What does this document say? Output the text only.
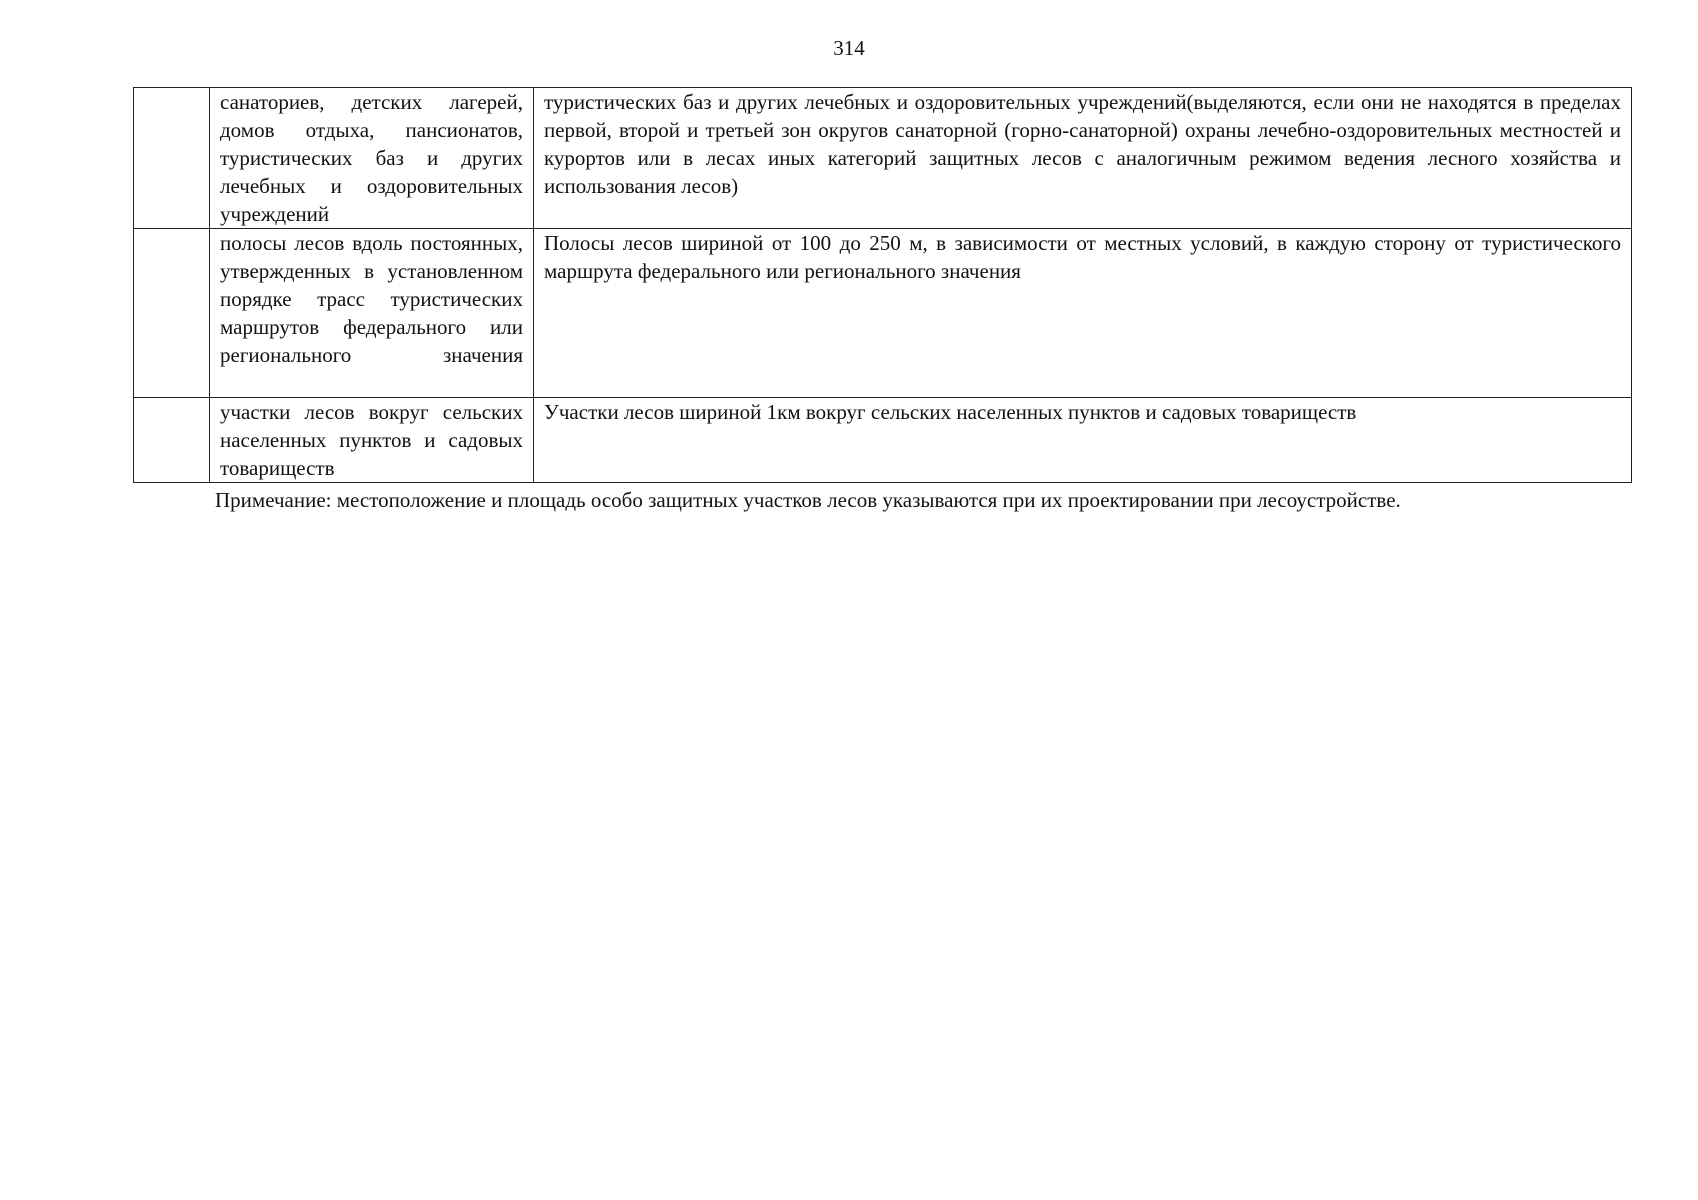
314
	санаториев, детских лагерей, домов отдыха, пансионатов, туристических баз и других лечебных и оздоровительных учреждений	туристических баз и других лечебных и оздоровительных учреждений(выделяются, если они не находятся в пределах первой, второй и третьей зон округов санаторной (горно-санаторной) охраны лечебно-оздоровительных местностей и курортов или в лесах иных категорий защитных лесов с аналогичным режимом ведения лесного хозяйства и использования лесов)
	полосы лесов вдоль постоянных, утвержденных в установленном порядке трасс туристических маршрутов федерального или регионального значения	Полосы лесов шириной от 100 до 250 м, в зависимости от местных условий, в каждую сторону от туристического маршрута федерального или регионального значения
	участки лесов вокруг сельских населенных пунктов и садовых товариществ	Участки лесов шириной 1км вокруг сельских населенных пунктов и садовых товариществ
Примечание: местоположение и площадь особо защитных участков лесов указываются при их проектировании при лесоустройстве.
